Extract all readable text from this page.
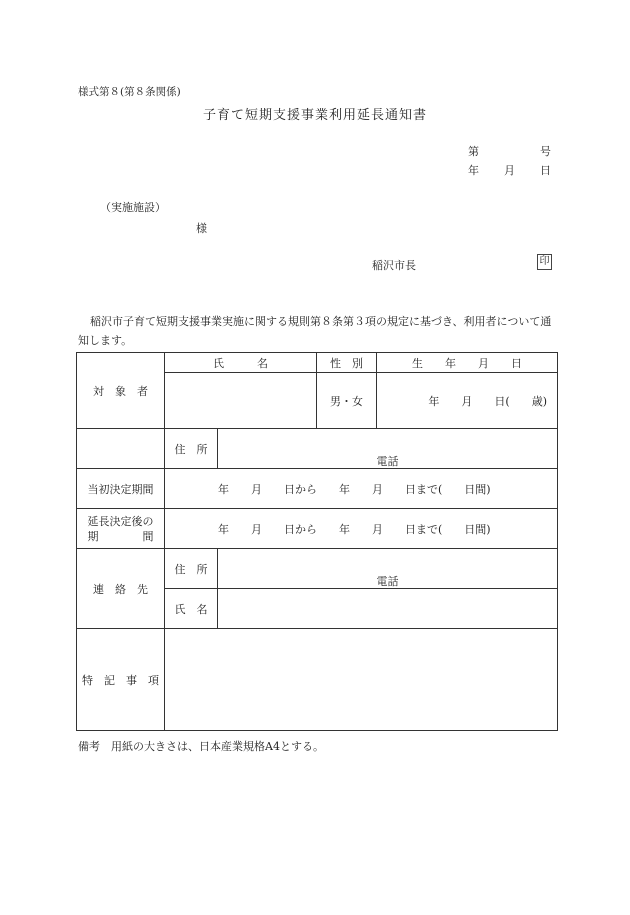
様式第８(第８条関係)
子育て短期支援事業利用延長通知書
第	号
年 月 日
（実施施設）
様
稲沢市長	印
稲沢市子育て短期支援事業実施に関する規則第８条第３項の規定に基づき、利用者について通知します。
対　象　者	氏　　　名		性　別	生　　年　　月　　日
			男・女	年　　月　　日(　　歳)
	住　所	電話		

当初決定期間	年　　月　　日から　　年　　月　　日まで(　　日間)			

延長決定後の
期　　　　間	年　　月　　日から　　年　　月　　日まで(　　日間)			
連　絡　先	住　所	電話		

	氏　名			
特　記　事　項				
備考　用紙の大きさは、日本産業規格A4とする。
